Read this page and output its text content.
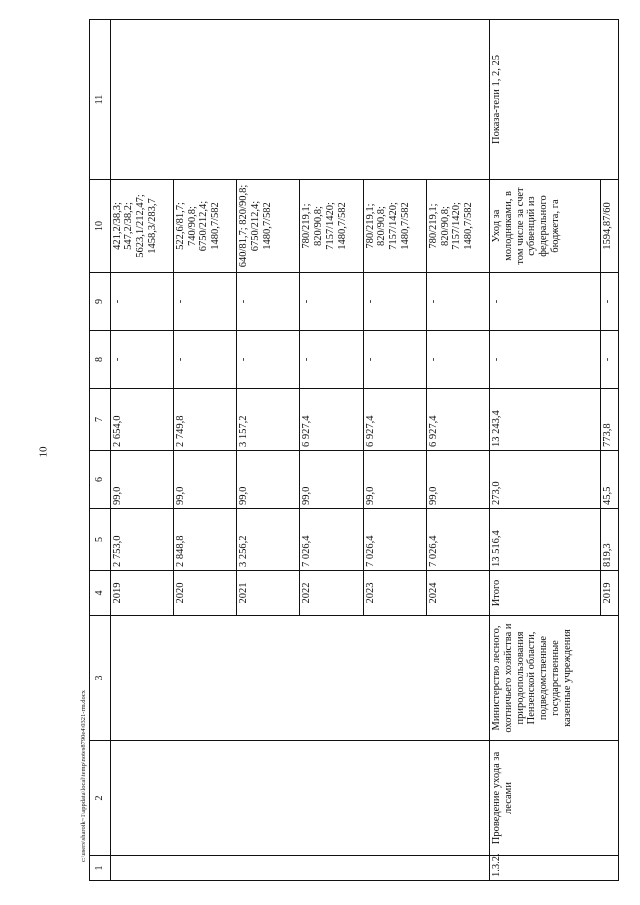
10
c:\users\sharoik~1\appdata\local\temp\notes8790e4\0321-rm.docx
1	2	3	4	5	6	7	8	9	10	11
			2019	2 753,0	99,0	2 654,0	-	-	421,2/38,3; 547,2/38,2; 5623,1/212,47; 1458,3/283,7	
			2020	2 848,8	99,0	2 749,8	-	-	522,6/81,7; 740/90,8; 6750/212,4; 1480,7/582	
			2021	3 256,2	99,0	3 157,2	-	-	640/81,7; 820/90,8; 6750/212,4; 1480,7/582	
			2022	7 026,4	99,0	6 927,4	-	-	780/219,1; 820/90,8; 7157/1420; 1480,7/582	
			2023	7 026,4	99,0	6 927,4	-	-	780/219,1; 820/90,8; 7157/1420; 1480,7/582	
			2024	7 026,4	99,0	6 927,4	-	-	780/219,1; 820/90,8; 7157/1420; 1480,7/582	
1.3.2.	Проведение ухода за лесами	Министерство лесного, охотничьего хозяйства и природопользования Пензенской области, подведомственные государственные казенные учреждения	Итого	13 516,4	273,0	13 243,4	-	-	Уход за молодняками, в том числе за счет субвенций из федерального бюджета, га	Показа-тели 1, 2, 25
			2019	819,3	45,5	773,8	-	-	1594,87/60	
